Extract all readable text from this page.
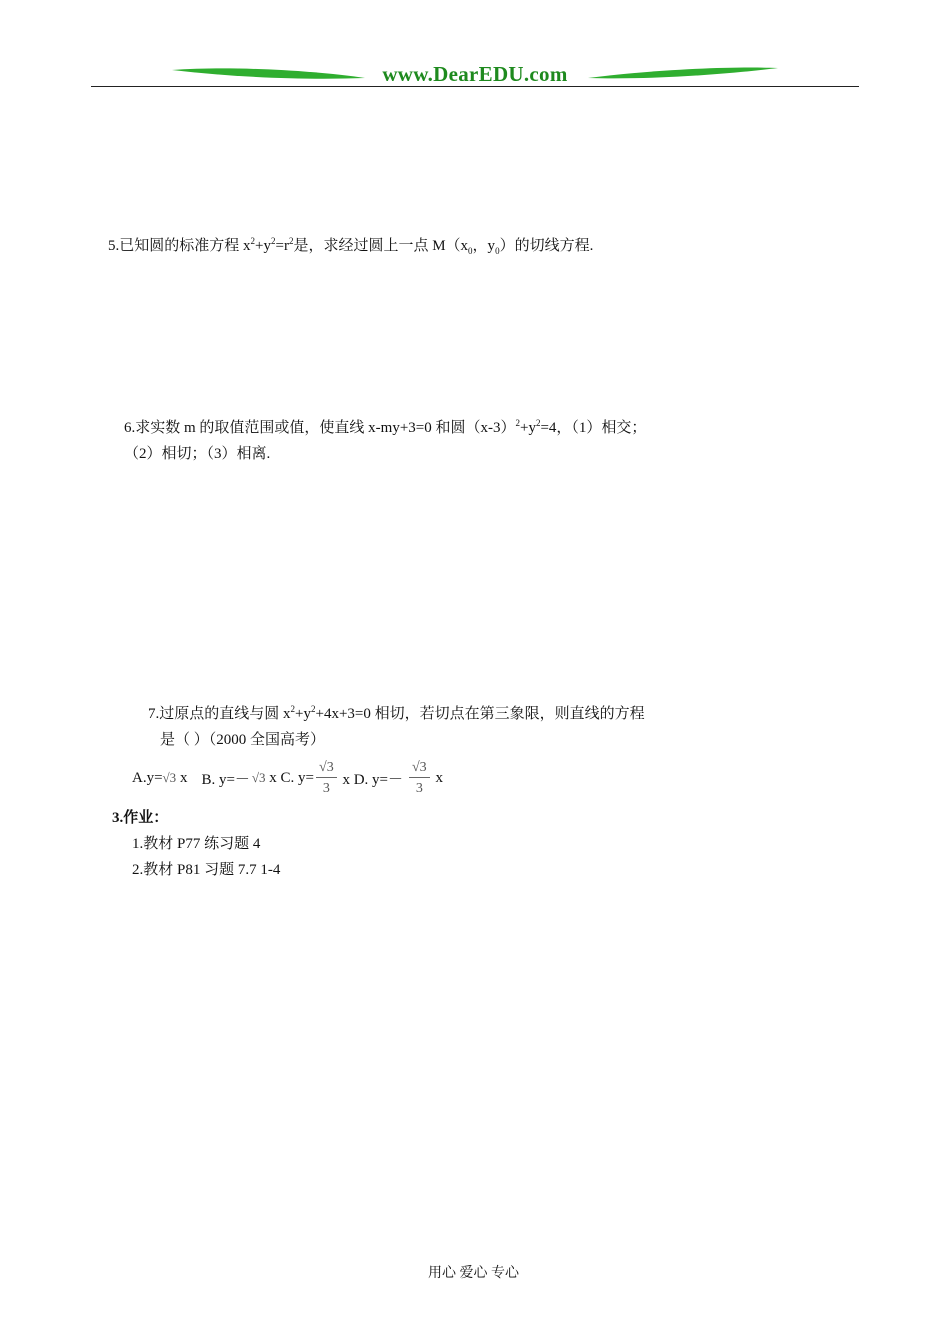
www.DearEDU.com
5.已知圆的标准方程 $x^2+y^2=r^2$是，求经过圆上一点 $M(x_0$，$y_0$）的切线方程.
6.求实数 m 的取值范围或值，使直线 x-my+3=0 和圆$(x-3)^2+y^2=4$，（1）相交；
（2）相切；（3）相离.
7.过原点的直线与圆 $x^2+y^2+4x+3=0$ 相切，若切点在第三象限，则直线的方程
是（ ）（2000 全国高考）
A.y= √3 x B. y=－ √3 x C. $y= \frac{√3}{3}$ x D. $y=- \frac{√3}{3}$ x
3.作业：
1.教材 P77 练习题 4
2.教材 P81 习题 7.7 1-4
用心 爱心 专心
